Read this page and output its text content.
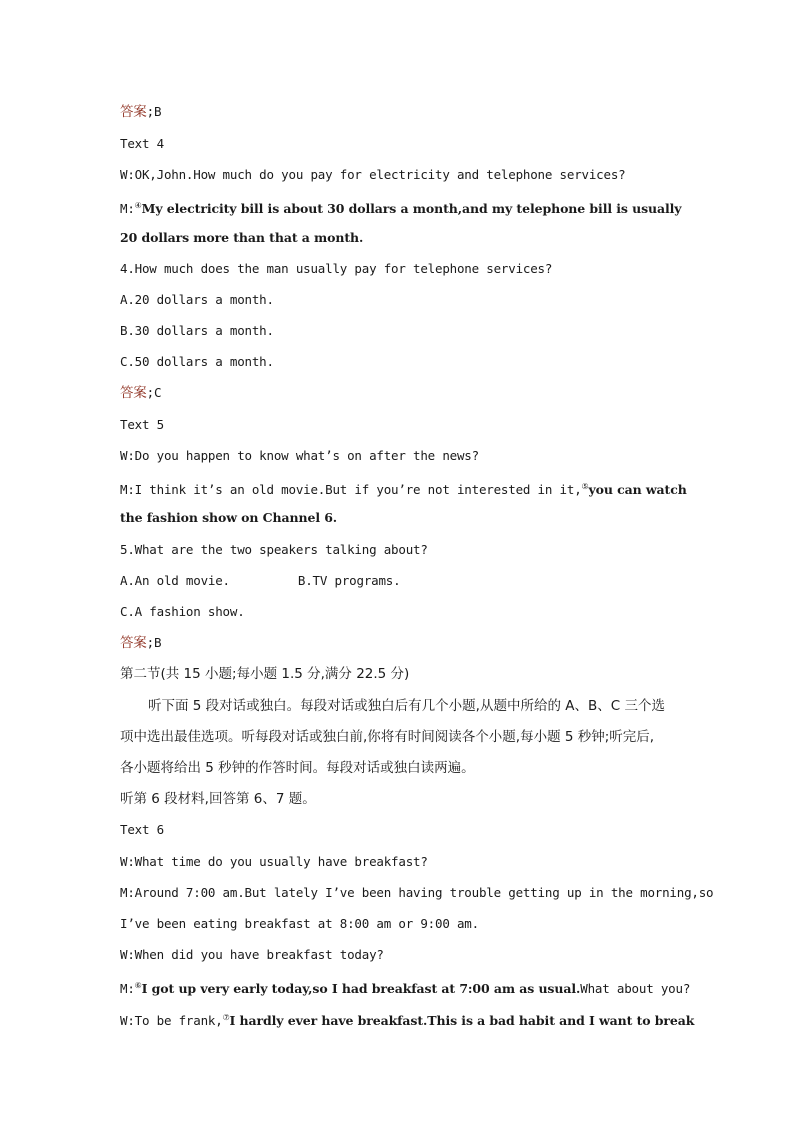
答案;B
Text 4
W:OK,John.How much do you pay for electricity and telephone services?
M:④My electricity bill is about 30 dollars a month,and my telephone bill is usually
20 dollars more than that a month.
4.How much does the man usually pay for telephone services?
A.20 dollars a month.
B.30 dollars a month.
C.50 dollars a month.
答案;C
Text 5
W:Do you happen to know what’s on after the news?
M:I think it’s an old movie.But if you’re not interested in it,⑤you can watch
the fashion show on Channel 6.
5.What are the two speakers talking about?
A.An old movie.	B.TV programs.
C.A fashion show.
答案;B
第二节(共 15 小题;每小题 1.5 分,满分 22.5 分)
听下面 5 段对话或独白。每段对话或独白后有几个小题,从题中所给的 A、B、C 三个选
项中选出最佳选项。听每段对话或独白前,你将有时间阅读各个小题,每小题 5 秒钟;听完后,
各小题将给出 5 秒钟的作答时间。每段对话或独白读两遍。
听第 6 段材料,回答第 6、7 题。
Text 6
W:What time do you usually have breakfast?
M:Around 7:00 am.But lately I’ve been having trouble getting up in the morning,so
I’ve been eating breakfast at 8:00 am or 9:00 am.
W:When did you have breakfast today?
M:⑥I got up very early today,so I had breakfast at 7:00 am as usual.What about you?
W:To be frank,⑦I hardly ever have breakfast.This is a bad habit and I want to break
